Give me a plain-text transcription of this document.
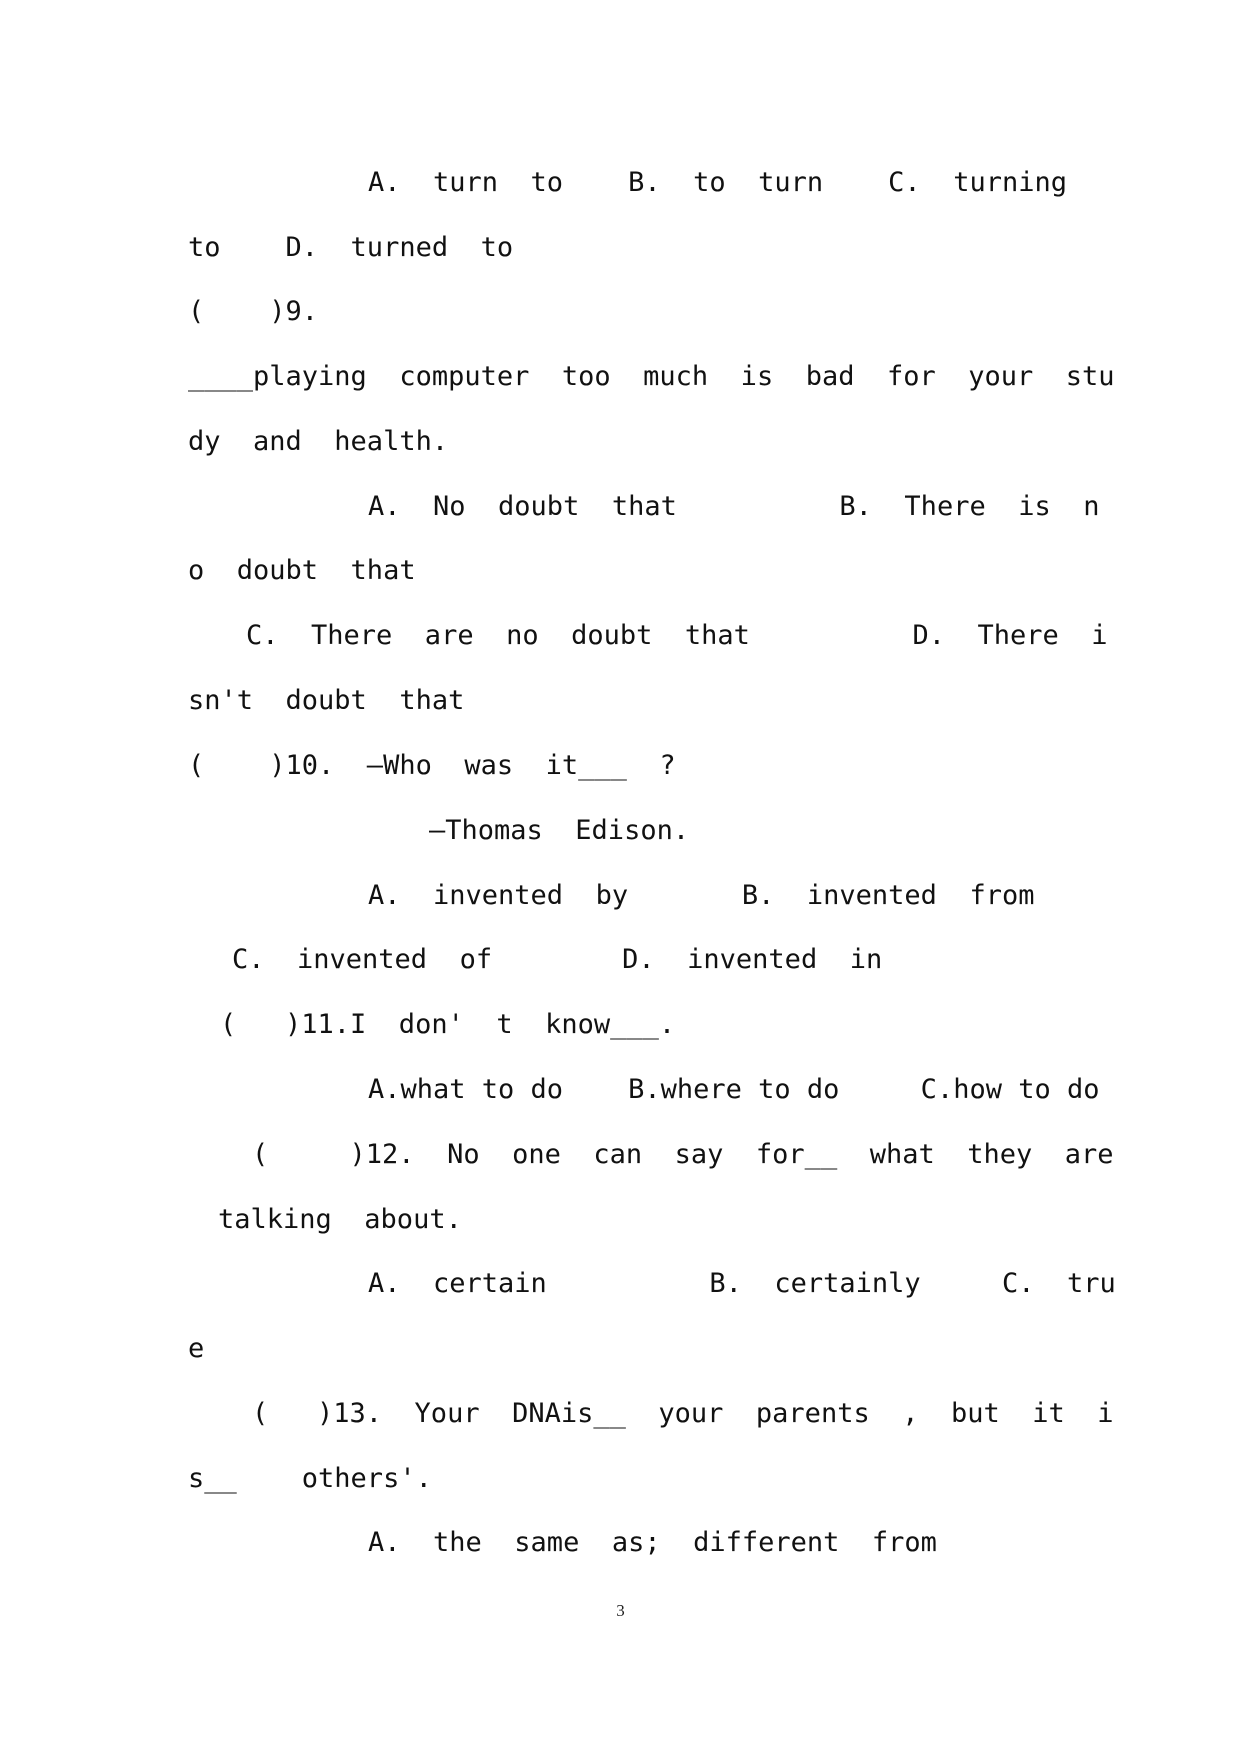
A.  turn  to    B.  to  turn    C.  turning

to    D.  turned  to

(    )9.

____playing  computer  too  much  is  bad  for  your  stu

dy  and  health.

A.  No  doubt  that          B.  There  is  n

o  doubt  that

C.  There  are  no  doubt  that          D.  There  i

sn't  doubt  that

(    )10.  —Who  was  it___  ?

—Thomas  Edison.

A.  invented  by       B.  invented  from

C.  invented  of        D.  invented  in

(   )11.I  don'  t  know___.

A.what to do    B.where to do     C.how to do

(     )12.  No  one  can  say  for__  what  they  are

talking  about.

A.  certain          B.  certainly     C.  tru

e

(   )13.  Your  DNAis__  your  parents  ,  but  it  i

s__    others'.

A.  the  same  as;  different  from

3
